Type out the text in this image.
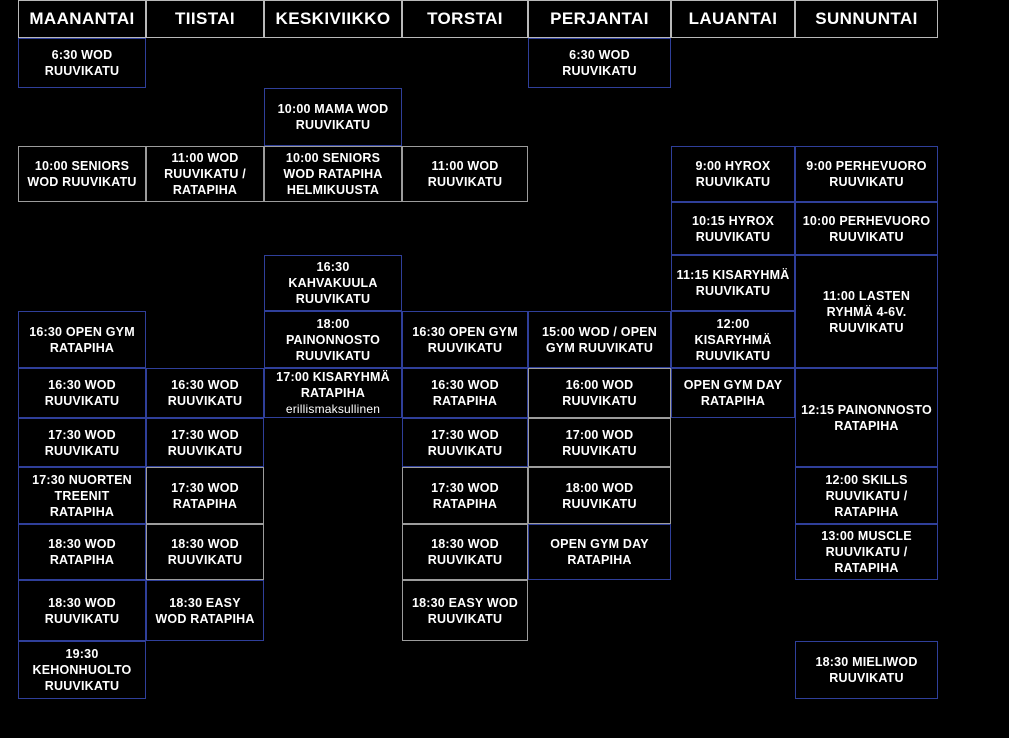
MAANANTAI TIISTAI KESKIVIIKKO TORSTAI	PERJANTAI LAUANTAI SUNNUNTAI
6:30 WOD
RUUVIKATU
10:00 SENIORS
WOD RUUVIKATU
16:30 OPEN GYM
RATAPIHA
16:30 WOD
RUUVIKATU
17:30 WOD
RUUVIKATU
17:30 NUORTEN
TREENIT
RATAPIHA
18:30 WOD
RATAPIHA
18:30 WOD
RUUVIKATU
19:30
KEHONHUOLTO
RUUVIKATU
11:00 WOD
RUUVIKATU /
RATAPIHA
16:30 WOD
RUUVIKATU
17:30 WOD
RUUVIKATU
17:30 WOD
RATAPIHA
18:30 WOD
RUUVIKATU
18:30 EASY
WOD RATAPIHA
10:00 MAMA WOD
RUUVIKATU
10:00 SENIORS
WOD RATAPIHA
HELMIKUUSTA
16:30
KAHVAKUULA
RUUVIKATU
18:00
PAINONNOSTO
RUUVIKATU
17:00 KISARYHMÄ
RATAPIHA
erillismaksullinen
11:00 WOD
RUUVIKATU
16:30 OPEN GYM
RUUVIKATU
16:30 WOD
RATAPIHA
17:30 WOD
RUUVIKATU
17:30 WOD
RATAPIHA
18:30 WOD
RUUVIKATU
18:30 EASY WOD
RUUVIKATU
6:30 WOD
RUUVIKATU
15:00 WOD / OPEN
GYM RUUVIKATU
16:00 WOD
RUUVIKATU
17:00 WOD
RUUVIKATU
18:00 WOD
RUUVIKATU
OPEN GYM DAY
RATAPIHA
9:00 HYROX
RUUVIKATU
10:15 HYROX
RUUVIKATU
11:15 KISARYHMÄ
RUUVIKATU
12:00
KISARYHMÄ
RUUVIKATU
OPEN GYM DAY
RATAPIHA
9:00 PERHEVUORO
RUUVIKATU
10:00 PERHEVUORO
RUUVIKATU
11:00 LASTEN
RYHMÄ 4-6V.
RUUVIKATU
12:15 PAINONNOSTO
RATAPIHA
12:00 SKILLS
RUUVIKATU /
RATAPIHA
13:00 MUSCLE
RUUVIKATU /
RATAPIHA
18:30 MIELIWOD
RUUVIKATU
